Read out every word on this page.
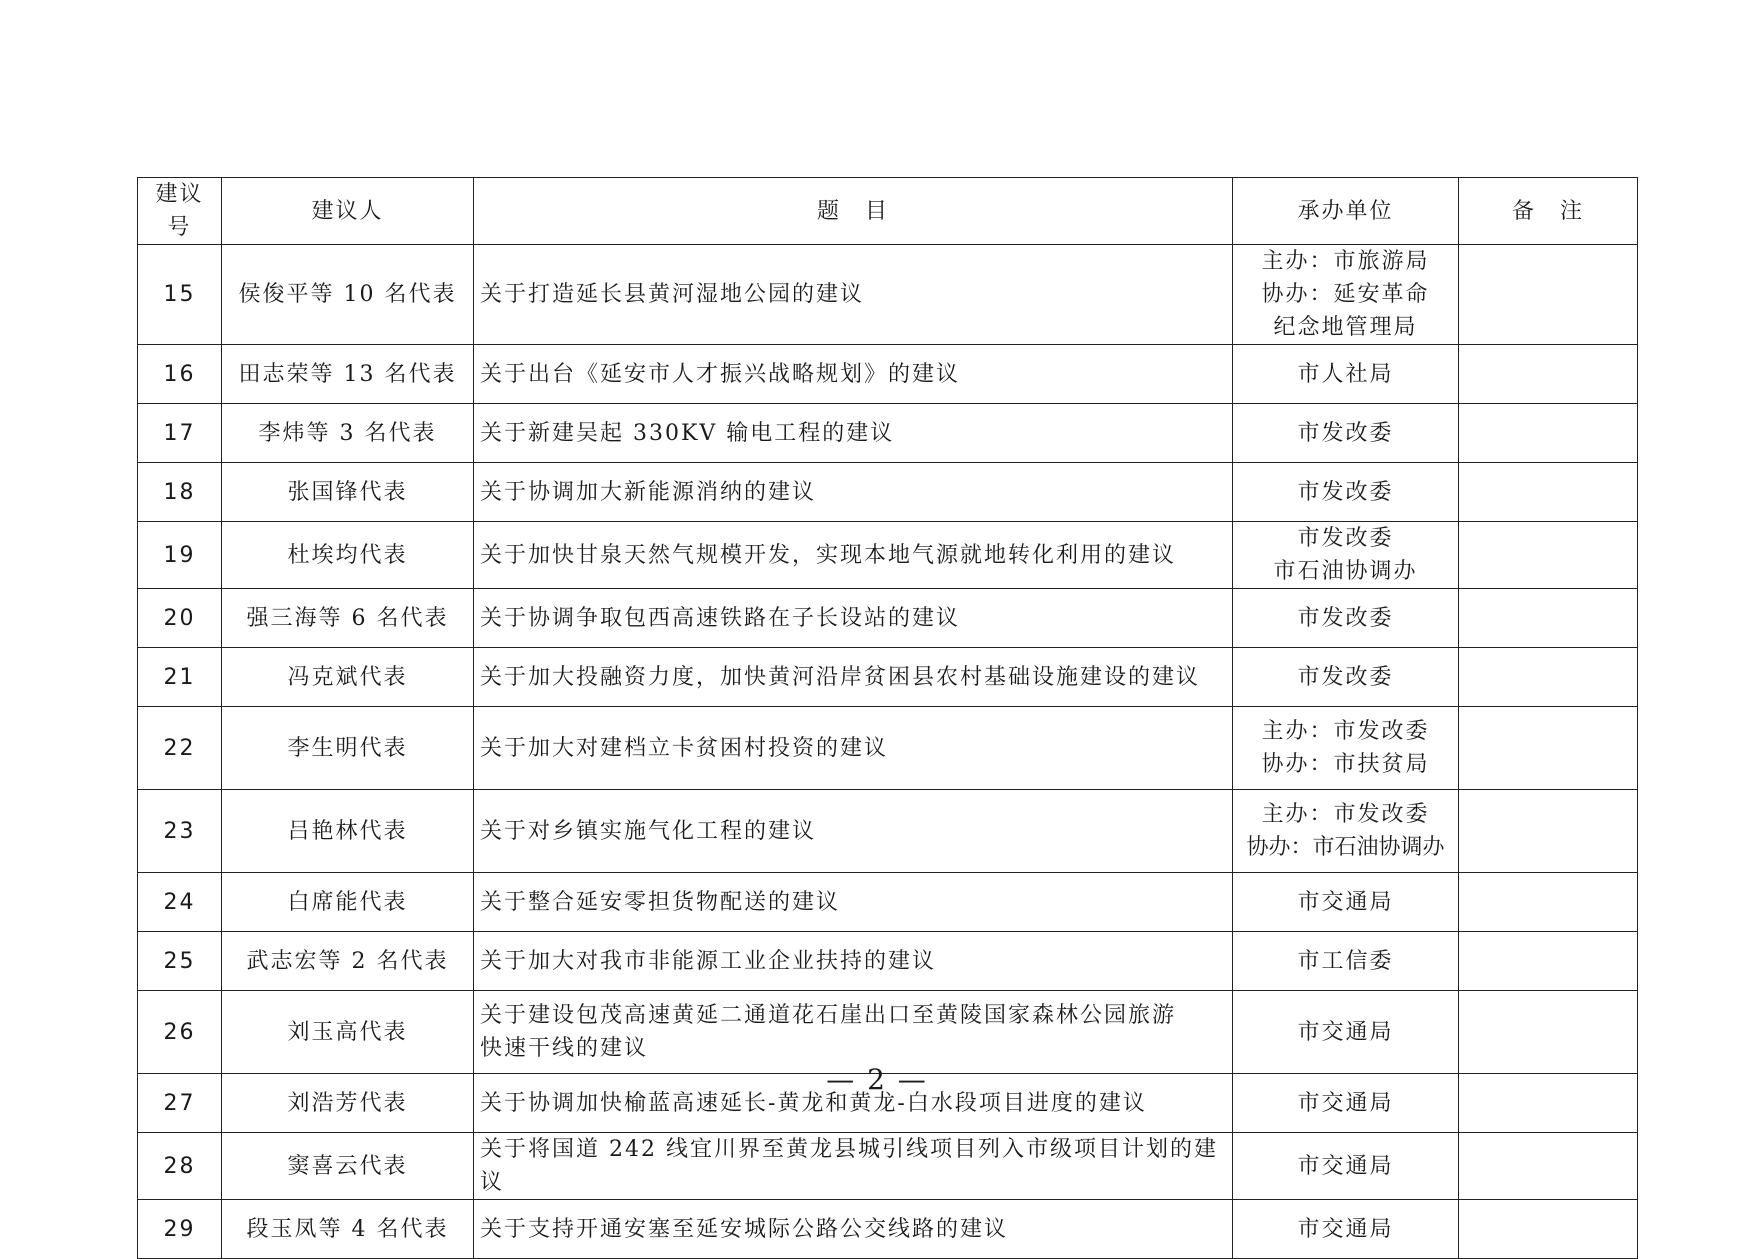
建议号	建议人	题　目	承办单位	备　注
15	侯俊平等 10 名代表	关于打造延长县黄河湿地公园的建议	主办：市旅游局
协办：延安革命
纪念地管理局	

16	田志荣等 13 名代表	关于出台《延安市人才振兴战略规划》的建议	市人社局	

17	李炜等 3 名代表	关于新建吴起 330KV 输电工程的建议	市发改委	

18	张国锋代表	关于协调加大新能源消纳的建议	市发改委	

19	杜埃均代表	关于加快甘泉天然气规模开发，实现本地气源就地转化利用的建议	市发改委
市石油协调办	

20	强三海等 6 名代表	关于协调争取包西高速铁路在子长设站的建议	市发改委	

21	冯克斌代表	关于加大投融资力度，加快黄河沿岸贫困县农村基础设施建设的建议	市发改委	

22	李生明代表	关于加大对建档立卡贫困村投资的建议	主办：市发改委
协办：市扶贫局	

23	吕艳林代表	关于对乡镇实施气化工程的建议	主办：市发改委
协办：市石油协调办	

24	白席能代表	关于整合延安零担货物配送的建议	市交通局	

25	武志宏等 2 名代表	关于加大对我市非能源工业企业扶持的建议	市工信委	

26	刘玉高代表	关于建设包茂高速黄延二通道花石崖出口至黄陵国家森林公园旅游
快速干线的建议	市交通局	

27	刘浩芳代表	关于协调加快榆蓝高速延长-黄龙和黄龙-白水段项目进度的建议	市交通局	

28	窦喜云代表	关于将国道 242 线宜川界至黄龙县城引线项目列入市级项目计划的建议	市交通局	

29	段玉凤等 4 名代表	关于支持开通安塞至延安城际公路公交线路的建议	市交通局	

— 2 —
